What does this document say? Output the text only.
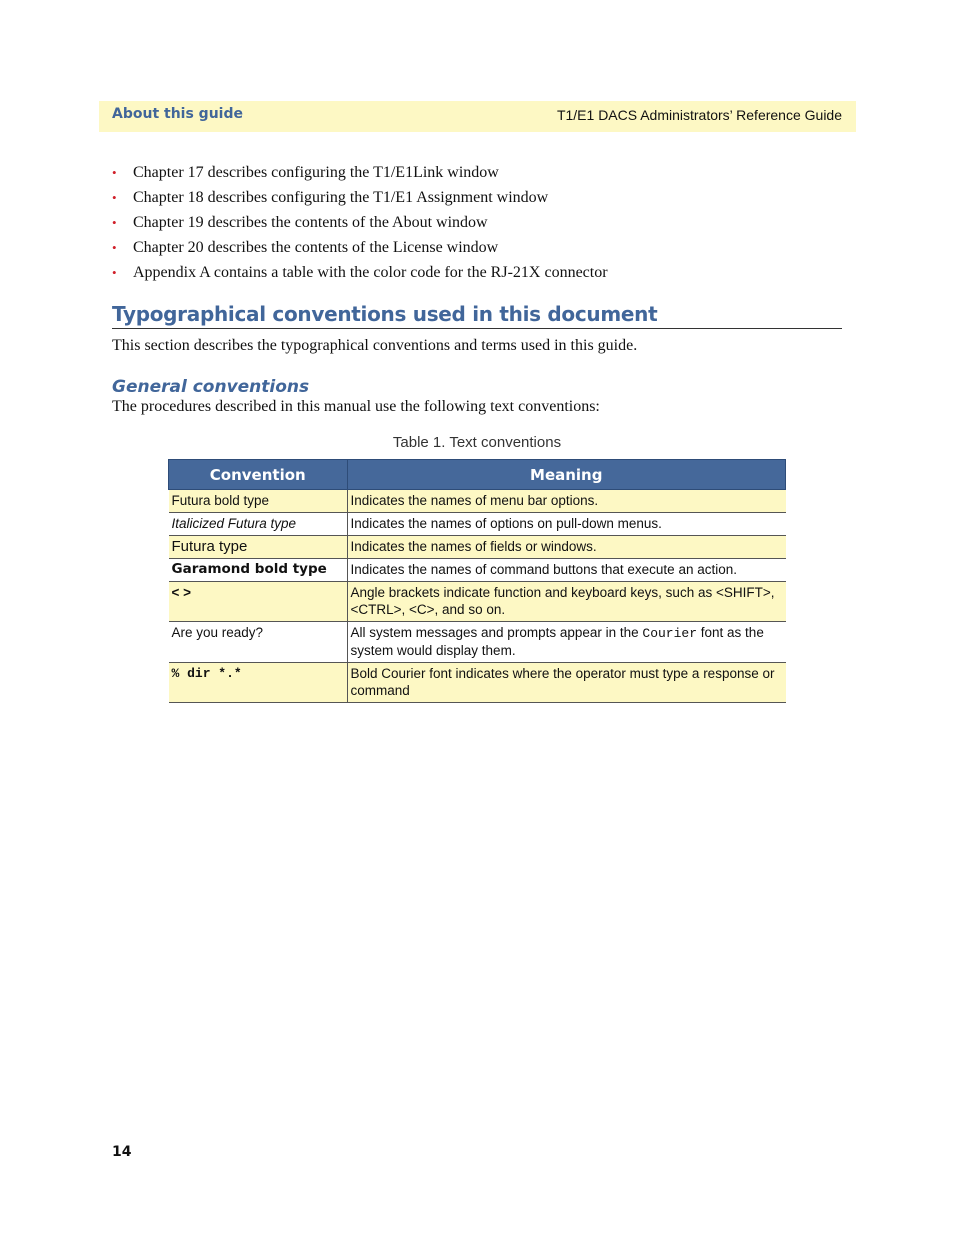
About this guide	T1/E1 DACS Administrators’ Reference Guide
• Chapter 17 describes configuring the T1/E1Link window
• Chapter 18 describes configuring the T1/E1 Assignment window
• Chapter 19 describes the contents of the About window
• Chapter 20 describes the contents of the License window
• Appendix A contains a table with the color code for the RJ-21X connector
Typographical conventions used in this document
This section describes the typographical conventions and terms used in this guide.
General conventions
The procedures described in this manual use the following text conventions:
Table 1. Text conventions
Convention	Meaning
Futura bold type	Indicates the names of menu bar options.
Italicized Futura type	Indicates the names of options on pull-down menus.
Futura type	Indicates the names of fields or windows.
Garamond bold type	Indicates the names of command buttons that execute an action.
< >	Angle brackets indicate function and keyboard keys, such as <SHIFT>, <CTRL>, <C>, and so on.
Are you ready?	All system messages and prompts appear in the Courier font as the system would display them.
% dir *.*	Bold Courier font indicates where the operator must type a response or command
14
